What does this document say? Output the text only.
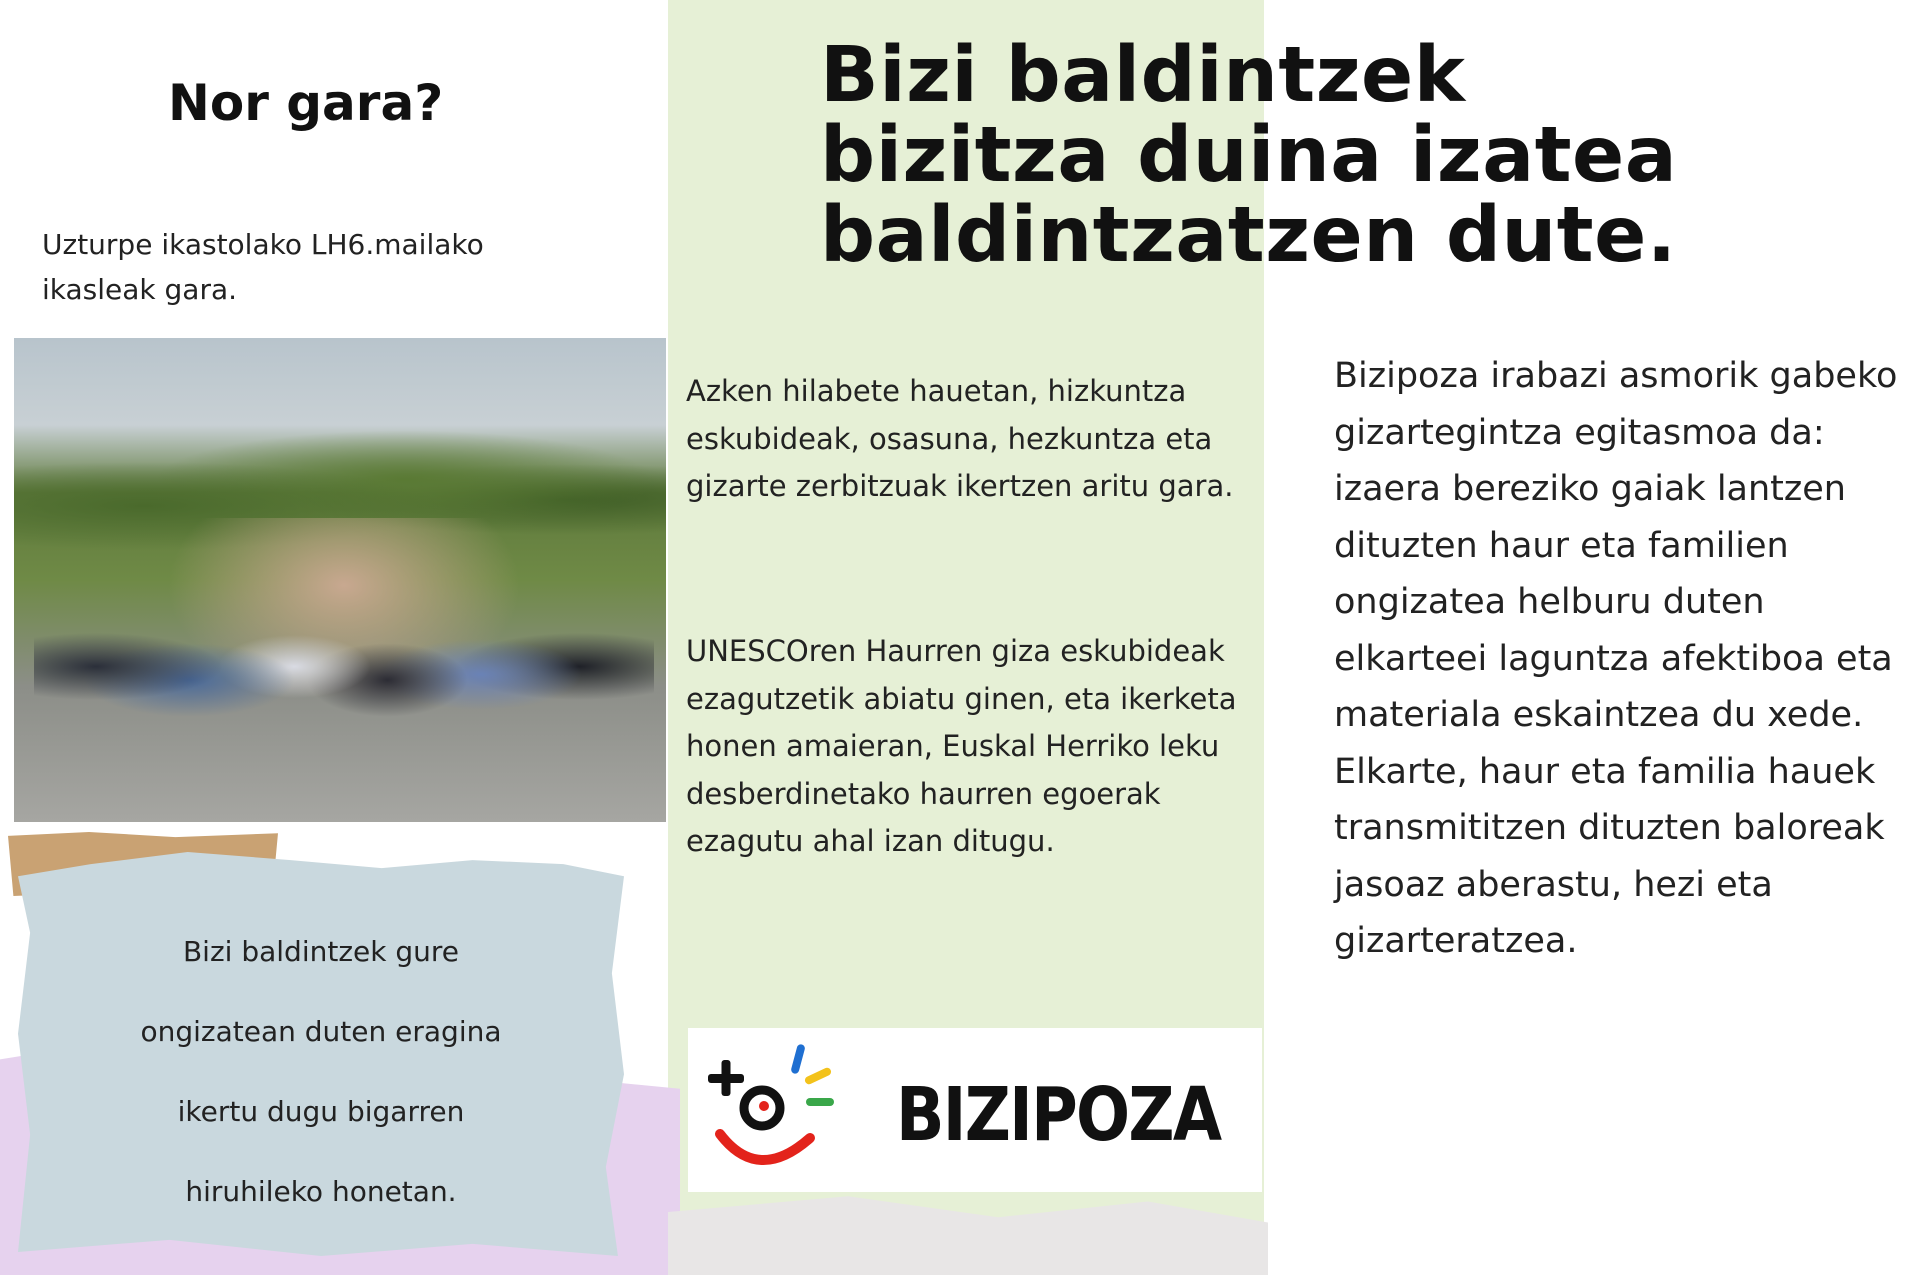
Nor gara?

Uzturpe ikastolako LH6.mailako
ikasleak gara.

Bizi baldintzek gure
ongizatean duten eragina
ikertu dugu bigarren
hiruhileko honetan.

Bizi baldintzek
bizitza duina izatea
baldintzatzen dute.

Azken hilabete hauetan, hizkuntza eskubideak, osasuna, hezkuntza eta gizarte zerbitzuak ikertzen aritu gara.

UNESCOren Haurren giza eskubideak ezagutzetik abiatu ginen, eta ikerketa honen amaieran, Euskal Herriko leku desberdinetako haurren egoerak ezagutu ahal izan ditugu.

BIZIPOZA

Bizipoza irabazi asmorik gabeko gizartegintza egitasmoa da: izaera bereziko gaiak lantzen dituzten haur eta familien ongizatea helburu duten elkarteei laguntza afektiboa eta materiala eskaintzea du xede. Elkarte, haur eta familia hauek transmititzen dituzten baloreak jasoaz aberastu, hezi eta gizarteratzea.
